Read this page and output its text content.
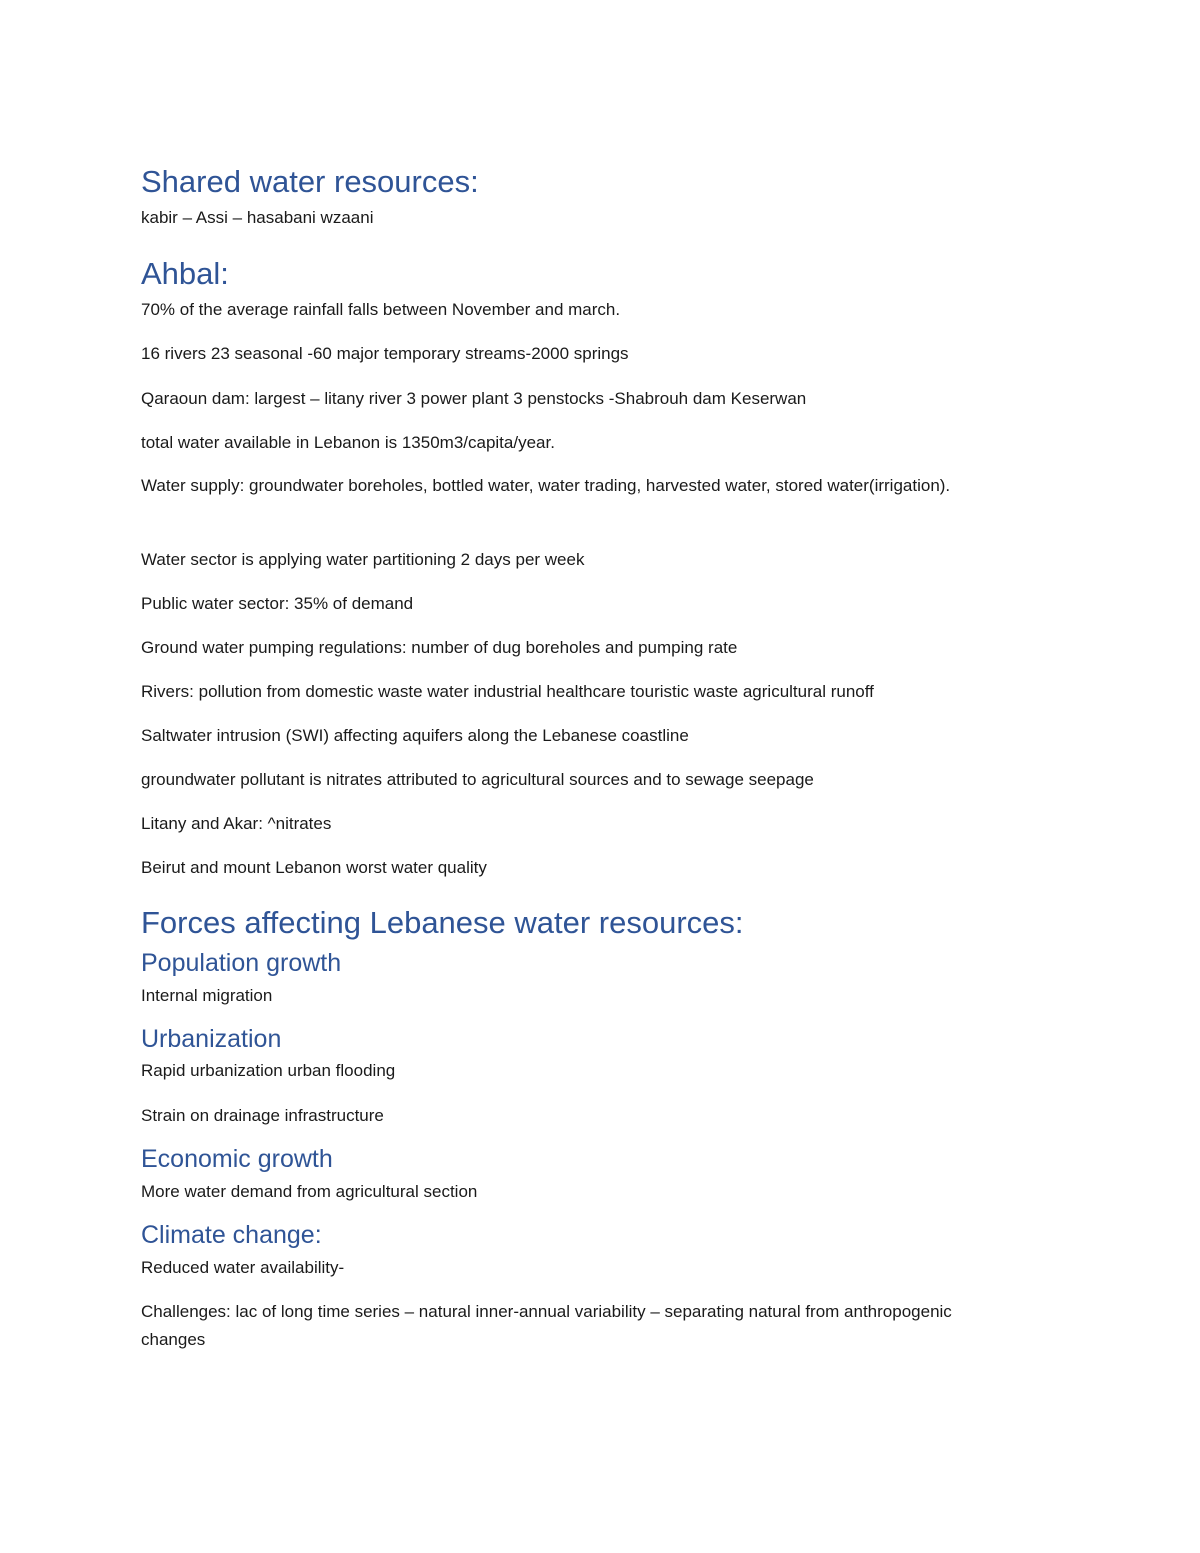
Shared water resources:

kabir – Assi – hasabani wzaani

Ahbal:

70% of the average rainfall falls between November and march.

16 rivers 23 seasonal -60 major temporary streams-2000 springs

Qaraoun dam: largest – litany river 3 power plant 3 penstocks -Shabrouh dam Keserwan

total water available in Lebanon is 1350m3/capita/year.

Water supply: groundwater boreholes, bottled water, water trading, harvested water, stored water(irrigation).

Water sector is applying water partitioning 2 days per week

Public water sector: 35% of demand

Ground water pumping regulations: number of dug boreholes and pumping rate

Rivers: pollution from domestic waste water industrial healthcare touristic waste agricultural runoff

Saltwater intrusion (SWI) affecting aquifers along the Lebanese coastline

groundwater pollutant is nitrates attributed to agricultural sources and to sewage seepage

Litany and Akar: ^nitrates

Beirut and mount Lebanon worst water quality

Forces affecting Lebanese water resources:
Population growth

Internal migration

Urbanization

Rapid urbanization urban flooding

Strain on drainage infrastructure

Economic growth

More water demand from agricultural section

Climate change:

Reduced water availability-

Challenges: lac of long time series – natural inner-annual variability – separating natural from anthropogenic changes
